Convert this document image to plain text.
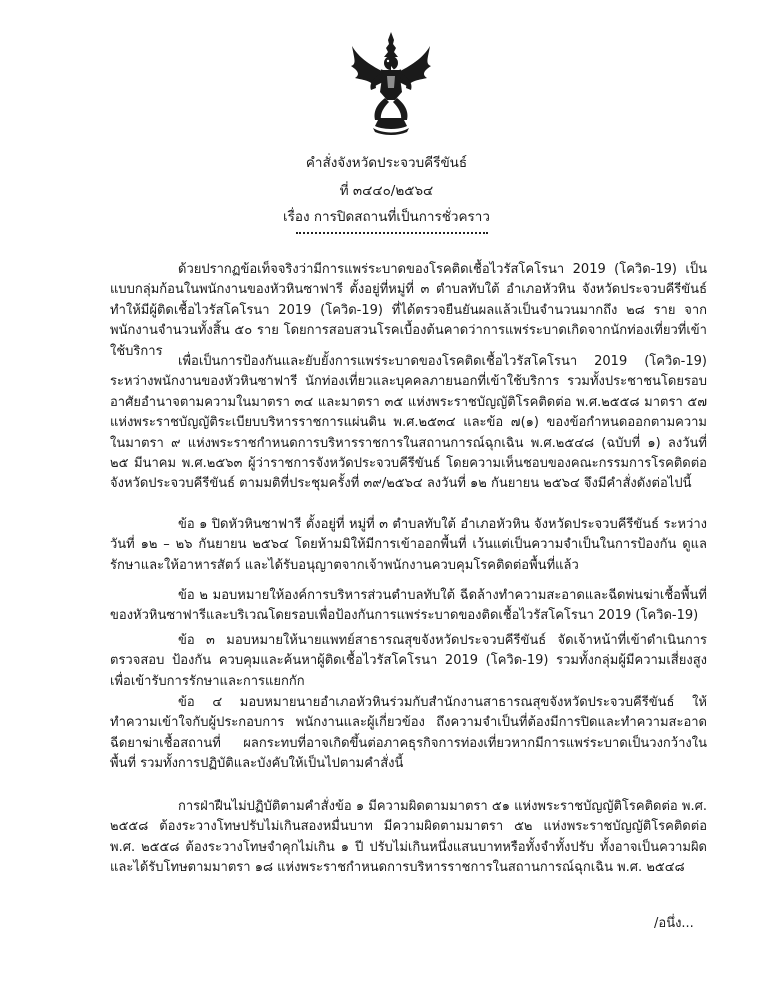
คำสั่งจังหวัดประจวบคีรีขันธ์
ที่ ๓๔๔๐/๒๕๖๔
เรื่อง การปิดสถานที่เป็นการชั่วคราว

ด้วยปรากฏข้อเท็จจริงว่ามีการแพร่ระบาดของโรคติดเชื้อไวรัสโคโรนา 2019 (โควิด-19) เป็นแบบกลุ่มก้อนในพนักงานของหัวหินซาฟารี ตั้งอยู่ที่หมู่ที่ ๓ ตำบลทับใต้ อำเภอหัวหิน จังหวัดประจวบคีรีขันธ์ ทำให้มีผู้ติดเชื้อไวรัสโคโรนา 2019 (โควิด-19) ที่ได้ตรวจยืนยันผลแล้วเป็นจำนวนมากถึง ๒๘ ราย จากพนักงานจำนวนทั้งสิ้น ๕๐ ราย โดยการสอบสวนโรคเบื้องต้นคาดว่าการแพร่ระบาดเกิดจากนักท่องเที่ยวที่เข้าใช้บริการ

เพื่อเป็นการป้องกันและยับยั้งการแพร่ระบาดของโรคติดเชื้อไวรัสโคโรนา 2019 (โควิด-19) ระหว่างพนักงานของหัวหินซาฟารี นักท่องเที่ยวและบุคคลภายนอกที่เข้าใช้บริการ รวมทั้งประชาชนโดยรอบ อาศัยอำนาจตามความในมาตรา ๓๔ และมาตรา ๓๕ แห่งพระราชบัญญัติโรคติดต่อ พ.ศ.๒๕๕๘ มาตรา ๕๗ แห่งพระราชบัญญัติระเบียบบริหารราชการแผ่นดิน พ.ศ.๒๕๓๔ และข้อ ๗(๑) ของข้อกำหนดออกตามความในมาตรา ๙ แห่งพระราชกำหนดการบริหารราชการในสถานการณ์ฉุกเฉิน พ.ศ.๒๕๔๘ (ฉบับที่ ๑) ลงวันที่ ๒๕ มีนาคม พ.ศ.๒๕๖๓ ผู้ว่าราชการจังหวัดประจวบคีรีขันธ์ โดยความเห็นชอบของคณะกรรมการโรคติดต่อจังหวัดประจวบคีรีขันธ์ ตามมติที่ประชุมครั้งที่ ๓๙/๒๕๖๔ ลงวันที่ ๑๒ กันยายน ๒๕๖๔ จึงมีคำสั่งดังต่อไปนี้

ข้อ ๑ ปิดหัวหินซาฟารี ตั้งอยู่ที่ หมู่ที่ ๓ ตำบลทับใต้ อำเภอหัวหิน จังหวัดประจวบคีรีขันธ์ ระหว่างวันที่ ๑๒ – ๒๖ กันยายน ๒๕๖๔ โดยห้ามมิให้มีการเข้าออกพื้นที่ เว้นแต่เป็นความจำเป็นในการป้องกัน ดูแลรักษาและให้อาหารสัตว์ และได้รับอนุญาตจากเจ้าพนักงานควบคุมโรคติดต่อพื้นที่แล้ว

ข้อ ๒ มอบหมายให้องค์การบริหารส่วนตำบลทับใต้ ฉีดล้างทำความสะอาดและฉีดพ่นฆ่าเชื้อพื้นที่ของหัวหินซาฟารีและบริเวณโดยรอบเพื่อป้องกันการแพร่ระบาดของติดเชื้อไวรัสโคโรนา 2019 (โควิด-19)

ข้อ ๓ มอบหมายให้นายแพทย์สาธารณสุขจังหวัดประจวบคีรีขันธ์ จัดเจ้าหน้าที่เข้าดำเนินการตรวจสอบ ป้องกัน ควบคุมและค้นหาผู้ติดเชื้อไวรัสโคโรนา 2019 (โควิด-19) รวมทั้งกลุ่มผู้มีความเสี่ยงสูงเพื่อเข้ารับการรักษาและการแยกกัก

ข้อ ๔ มอบหมายนายอำเภอหัวหินร่วมกับสำนักงานสาธารณสุขจังหวัดประจวบคีรีขันธ์ ให้ทำความเข้าใจกับผู้ประกอบการ พนักงานและผู้เกี่ยวข้อง ถึงความจำเป็นที่ต้องมีการปิดและทำความสะอาดฉีดยาฆ่าเชื้อสถานที่ ผลกระทบที่อาจเกิดขึ้นต่อภาคธุรกิจการท่องเที่ยวหากมีการแพร่ระบาดเป็นวงกว้างในพื้นที่ รวมทั้งการปฏิบัติและบังคับให้เป็นไปตามคำสั่งนี้

การฝ่าฝืนไม่ปฏิบัติตามคำสั่งข้อ ๑ มีความผิดตามมาตรา ๕๑ แห่งพระราชบัญญัติโรคติดต่อ พ.ศ. ๒๕๕๘ ต้องระวางโทษปรับไม่เกินสองหมื่นบาท มีความผิดตามมาตรา ๕๒ แห่งพระราชบัญญัติโรคติดต่อ พ.ศ. ๒๕๕๘ ต้องระวางโทษจำคุกไม่เกิน ๑ ปี ปรับไม่เกินหนึ่งแสนบาทหรือทั้งจำทั้งปรับ ทั้งอาจเป็นความผิดและได้รับโทษตามมาตรา ๑๘ แห่งพระราชกำหนดการบริหารราชการในสถานการณ์ฉุกเฉิน พ.ศ. ๒๕๔๘

/อนึ่ง...
